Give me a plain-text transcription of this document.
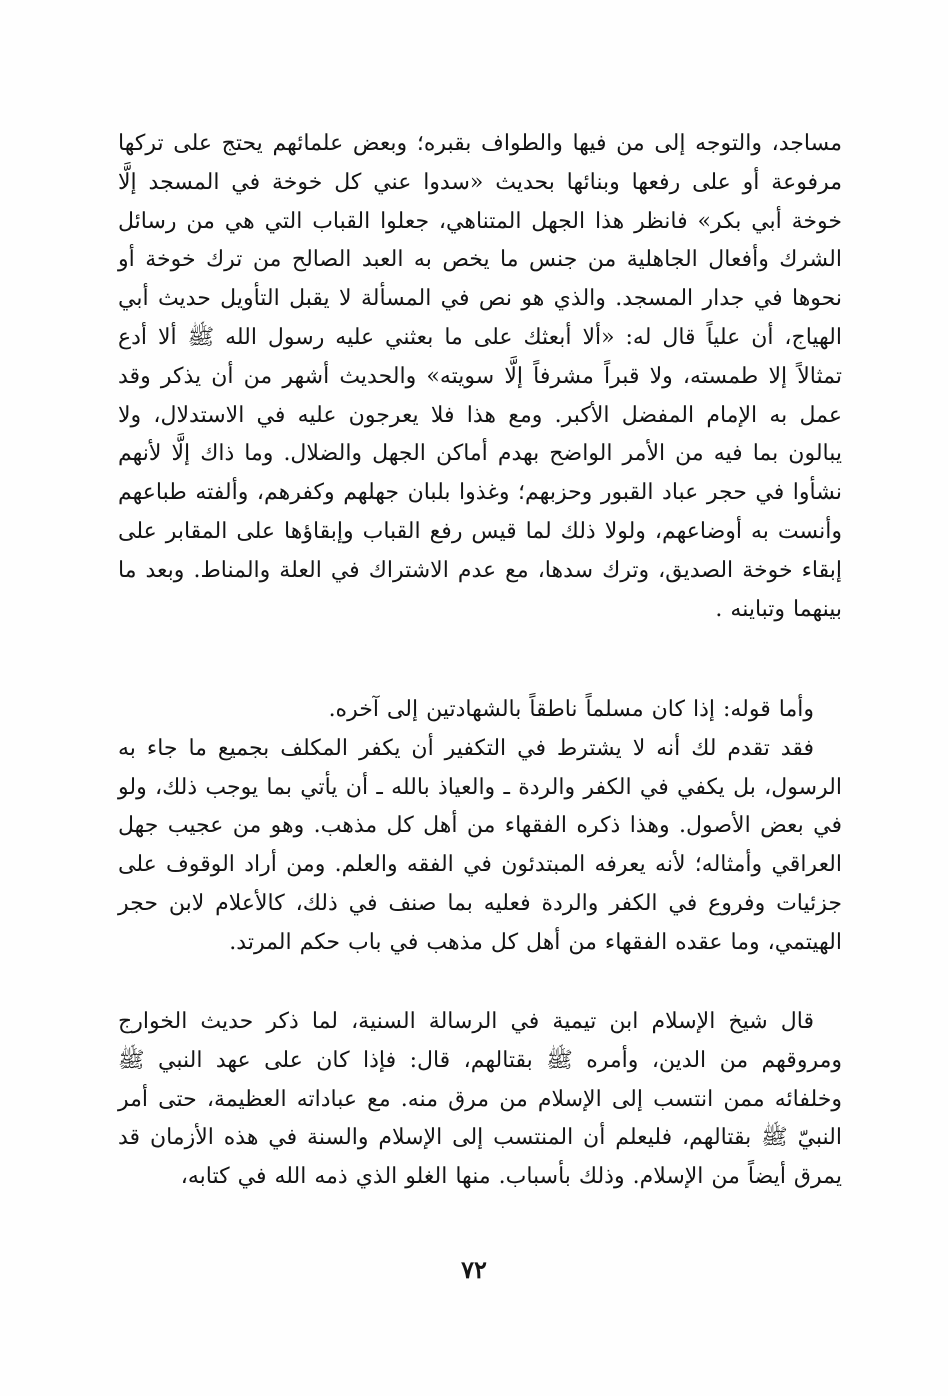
مساجد، والتوجه إلى من فيها والطواف بقبره؛ وبعض علمائهم يحتج على تركها مرفوعة أو على رفعها وبنائها بحديث «سدوا عني كل خوخة في المسجد إلَّا خوخة أبي بكر» فانظر هذا الجهل المتناهي، جعلوا القباب التي هي من رسائل الشرك وأفعال الجاهلية من جنس ما يخص به العبد الصالح من ترك خوخة أو نحوها في جدار المسجد. والذي هو نص في المسألة لا يقبل التأويل حديث أبي الهياج، أن علياً قال له: «ألا أبعثك على ما بعثني عليه رسول الله ﷺ ألا أدع تمثالاً إلا طمسته، ولا قبراً مشرفاً إلَّا سويته» والحديث أشهر من أن يذكر وقد عمل به الإمام المفضل الأكبر. ومع هذا فلا يعرجون عليه في الاستدلال، ولا يبالون بما فيه من الأمر الواضح بهدم أماكن الجهل والضلال. وما ذاك إلَّا لأنهم نشأوا في حجر عباد القبور وحزبهم؛ وغذوا بلبان جهلهم وكفرهم، وألفته طباعهم وأنست به أوضاعهم، ولولا ذلك لما قيس رفع القباب وإبقاؤها على المقابر على إبقاء خوخة الصديق، وترك سدها، مع عدم الاشتراك في العلة والمناط. وبعد ما بينهما وتباينه .

وأما قوله: إذا كان مسلماً ناطقاً بالشهادتين إلى آخره.

فقد تقدم لك أنه لا يشترط في التكفير أن يكفر المكلف بجميع ما جاء به الرسول، بل يكفي في الكفر والردة ـ والعياذ بالله ـ أن يأتي بما يوجب ذلك، ولو في بعض الأصول. وهذا ذكره الفقهاء من أهل كل مذهب. وهو من عجيب جهل العراقي وأمثاله؛ لأنه يعرفه المبتدئون في الفقه والعلم. ومن أراد الوقوف على جزئيات وفروع في الكفر والردة فعليه بما صنف في ذلك، كالأعلام لابن حجر الهيتمي، وما عقده الفقهاء من أهل كل مذهب في باب حكم المرتد.

قال شيخ الإسلام ابن تيمية في الرسالة السنية، لما ذكر حديث الخوارج ومروقهم من الدين، وأمره ﷺ بقتالهم، قال: فإذا كان على عهد النبي ﷺ وخلفائه ممن انتسب إلى الإسلام من مرق منه. مع عباداته العظيمة، حتى أمر النبيّ ﷺ بقتالهم، فليعلم أن المنتسب إلى الإسلام والسنة في هذه الأزمان قد يمرق أيضاً من الإسلام. وذلك بأسباب. منها الغلو الذي ذمه الله في كتابه،

٧٢
